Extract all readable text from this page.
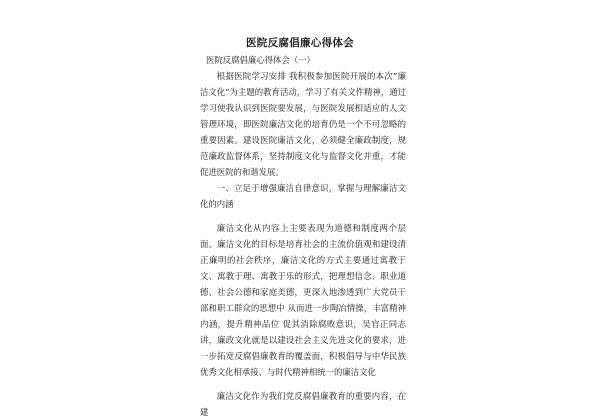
医院反腐倡廉心得体会

医院反腐倡廉心得体会（一）

根据医院学习安排 我积极参加医院开展的本次”廉洁文化”为主题的教育活动，学习了有关文件精神，通过学习使我认识到医院要发展，与医院发展相适应的人文管理环境，即医院廉洁文化的培育仍是一个不可忽略的重要因素。建设医院廉洁文化，必须健全廉政制度，规范廉政监督体系，坚持制度文化与监督文化并重，才能促进医院的和谐发展。

一、立足于增强廉洁自律意识，掌握与理解廉洁文化的内涵

廉洁文化从内容上主要表现为道德和制度两个层面。廉洁文化的目标是培育社会的主流价值观和建设清正廉明的社会秩序，廉洁文化的方式主要通过寓教于文、寓教于理、寓教于乐的形式，把理想信念、职业道德、社会公德和家庭美德，更深入地渗透到广大党员干部和职工群众的思想中 从而进一步陶冶情操，丰富精神内涵，提升精神品位 促其消除腐败意识，吴官正同志讲，廉政文化就是以建设社会主义先进文化的要求，进一步拓宽反腐倡廉教育的覆盖面，积极倡导与中华民族优秀文化相承接、与时代精神相统一的廉洁文化

廉洁文化作为我们党反腐倡廉教育的重要内容，在建
